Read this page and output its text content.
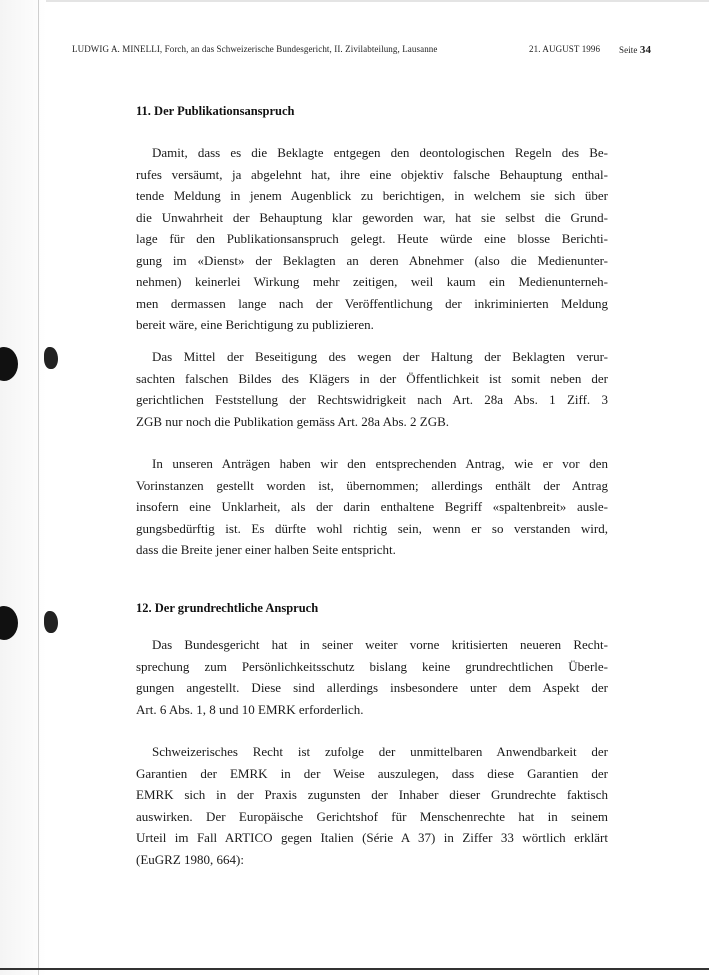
LUDWIG A. MINELLI, Forch, an das Schweizerische Bundesgericht, II. Zivilabteilung, Lausanne	21. AUGUST 1996 Seite 34
11. Der Publikationsanspruch

Damit, dass es die Beklagte entgegen den deontologischen Regeln des Be-
rufes versäumt, ja abgelehnt hat, ihre eine objektiv falsche Behauptung enthal-
tende Meldung in jenem Augenblick zu berichtigen, in welchem sie sich über
die Unwahrheit der Behauptung klar geworden war, hat sie selbst die Grund-
lage für den Publikationsanspruch gelegt. Heute würde eine blosse Berichti-
gung im «Dienst» der Beklagten an deren Abnehmer (also die Medienunter-
nehmen) keinerlei Wirkung mehr zeitigen, weil kaum ein Medienunterneh-
men dermassen lange nach der Veröffentlichung der inkriminierten Meldung
bereit wäre, eine Berichtigung zu publizieren.

Das Mittel der Beseitigung des wegen der Haltung der Beklagten verur-
sachten falschen Bildes des Klägers in der Öffentlichkeit ist somit neben der
gerichtlichen Feststellung der Rechtswidrigkeit nach Art. 28a Abs. 1 Ziff. 3
ZGB nur noch die Publikation gemäss Art. 28a Abs. 2 ZGB.

In unseren Anträgen haben wir den entsprechenden Antrag, wie er vor den
Vorinstanzen gestellt worden ist, übernommen; allerdings enthält der Antrag
insofern eine Unklarheit, als der darin enthaltene Begriff «spaltenbreit» ausle-
gungsbedürftig ist. Es dürfte wohl richtig sein, wenn er so verstanden wird,
dass die Breite jener einer halben Seite entspricht.

12. Der grundrechtliche Anspruch

Das Bundesgericht hat in seiner weiter vorne kritisierten neueren Recht-
sprechung zum Persönlichkeitsschutz bislang keine grundrechtlichen Überle-
gungen angestellt. Diese sind allerdings insbesondere unter dem Aspekt der
Art. 6 Abs. 1, 8 und 10 EMRK erforderlich.

Schweizerisches Recht ist zufolge der unmittelbaren Anwendbarkeit der
Garantien der EMRK in der Weise auszulegen, dass diese Garantien der
EMRK sich in der Praxis zugunsten der Inhaber dieser Grundrechte faktisch
auswirken. Der Europäische Gerichtshof für Menschenrechte hat in seinem
Urteil im Fall ARTICO gegen Italien (Série A 37) in Ziffer 33 wörtlich erklärt
(EuGRZ 1980, 664):
